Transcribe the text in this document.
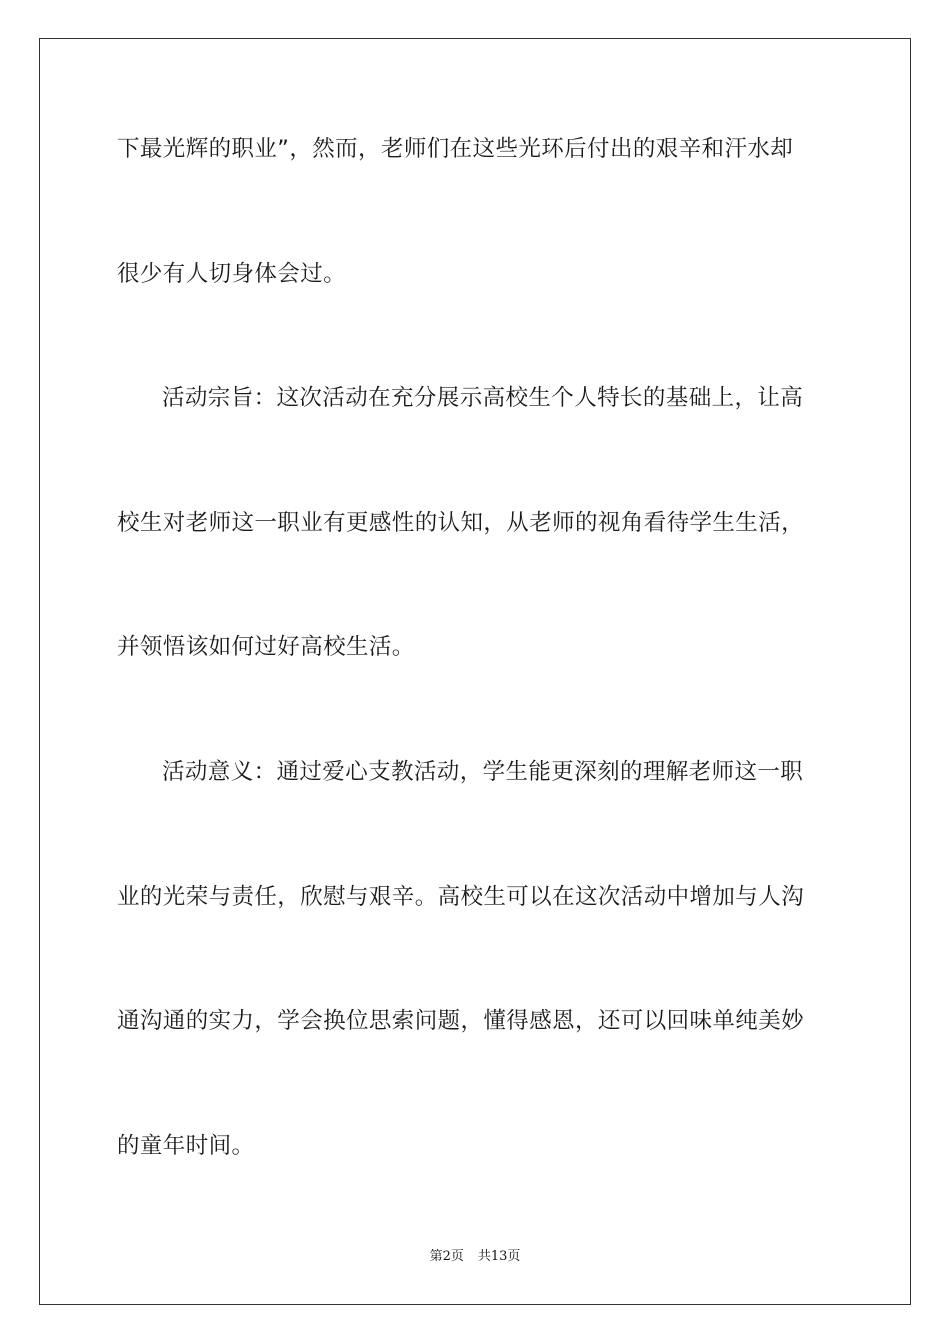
下最光辉的职业”，然而，老师们在这些光环后付出的艰辛和汗水却
很少有人切身体会过。
活动宗旨：这次活动在充分展示高校生个人特长的基础上，让高
校生对老师这一职业有更感性的认知，从老师的视角看待学生生活，
并领悟该如何过好高校生活。
活动意义：通过爱心支教活动，学生能更深刻的理解老师这一职
业的光荣与责任，欣慰与艰辛。高校生可以在这次活动中增加与人沟
通沟通的实力，学会换位思索问题，懂得感恩，还可以回味单纯美妙
的童年时间。
第2页 共13页
